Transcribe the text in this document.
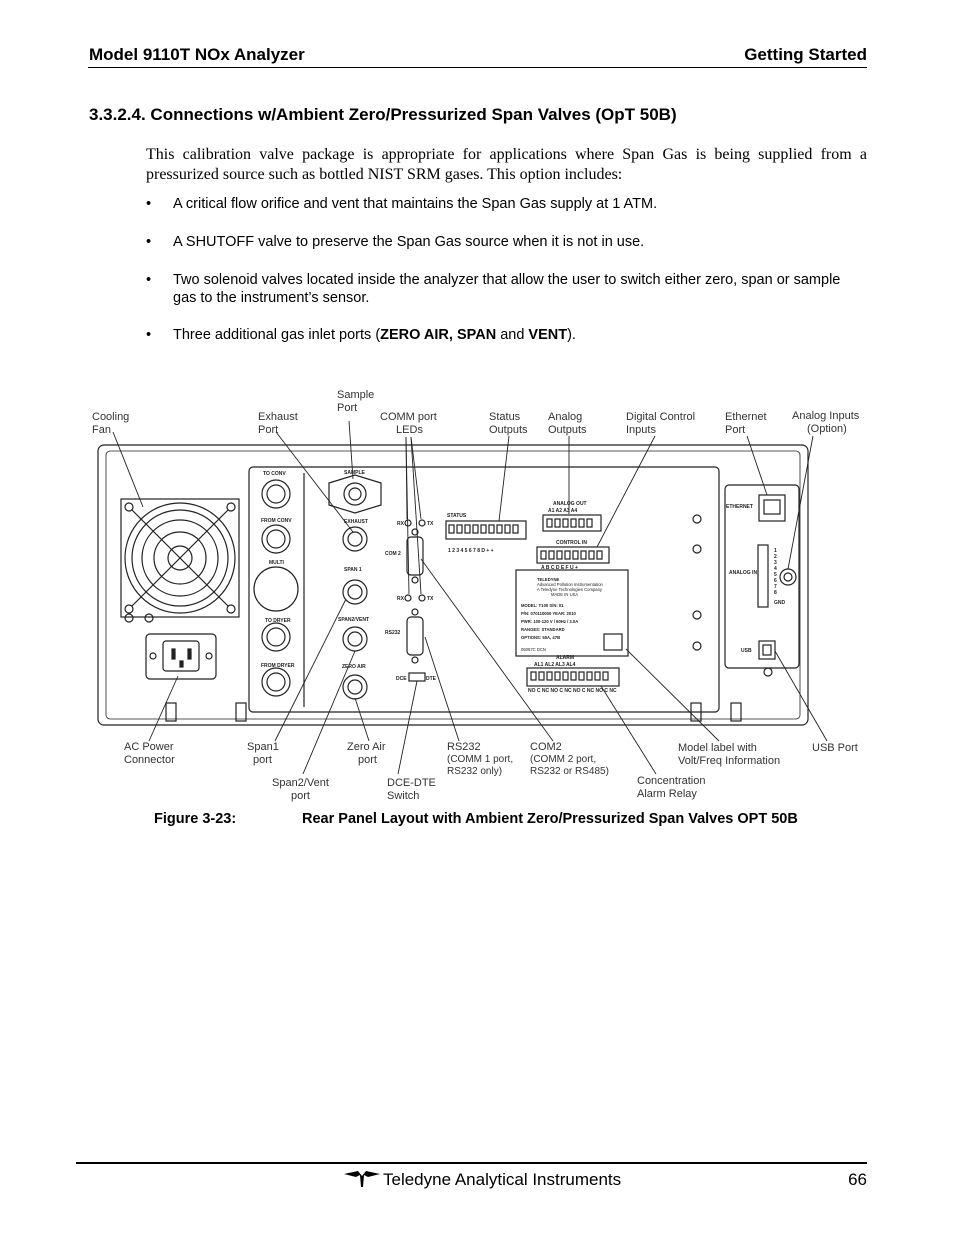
Model 9110T NOx Analyzer	Getting Started
3.3.2.4. Connections w/Ambient Zero/Pressurized Span Valves (OpT 50B)
This calibration valve package is appropriate for applications where Span Gas is being supplied from a pressurized source such as bottled NIST SRM gases. This option includes:
• A critical flow orifice and vent that maintains the Span Gas supply at 1 ATM.
• A SHUTOFF valve to preserve the Span Gas source when it is not in use.
• Two solenoid valves located inside the analyzer that allow the user to switch either zero, span or sample gas to the instrument’s sensor.
• Three additional gas inlet ports (ZERO AIR, SPAN and VENT).
TO CONV
FROM CONV
MULTI
TO DRYER
FROM DRYER
SAMPLE
EXHAUST
SPAN 1
SPAN2/VENT
ZERO AIR
COM 2
RS232
RX	TX
RX	TX
DCE	DTE
STATUS
1 2 3 4 5 6 7 8 D + +
ANALOG OUT
A1 A2 A3 A4
CONTROL IN
A B C D E F U +
ALARM
AL1 AL2 AL3 AL4
NO C NC NO C NC NO C NC NO C NC
ETHERNET
ANALOG IN
USB
GND
1
2
3
4
5
6
7
8
TELEDYNE
Advanced Pollution Instrumentation
A Teledyne Technologies Company
MADE IN USA
MODEL: T100 S/N: 01
P/N: 070110000 YEAR: 2010
PWR: 100-120 V / 60Hz / 3.0A
RANGES: STANDARD
OPTIONS: 50A, 47B
05067C DCN
Cooling
Fan
Exhaust
Port
Sample
Port
COMM port
LEDs
Status
Outputs
Analog
Outputs
Digital Control
Inputs
Ethernet
Port
Analog Inputs
(Option)
AC Power
Connector
Span1
port
Span2/Vent
port
Zero Air
port
DCE-DTE
Switch
RS232
(COMM 1 port,
RS232 only)
COM2
(COMM 2 port,
RS232 or RS485)
Concentration
Alarm Relay
Model label with
Volt/Freq Information
USB Port
Figure 3-23:	Rear Panel Layout with Ambient Zero/Pressurized Span Valves OPT 50B
Teledyne Analytical Instruments	66
